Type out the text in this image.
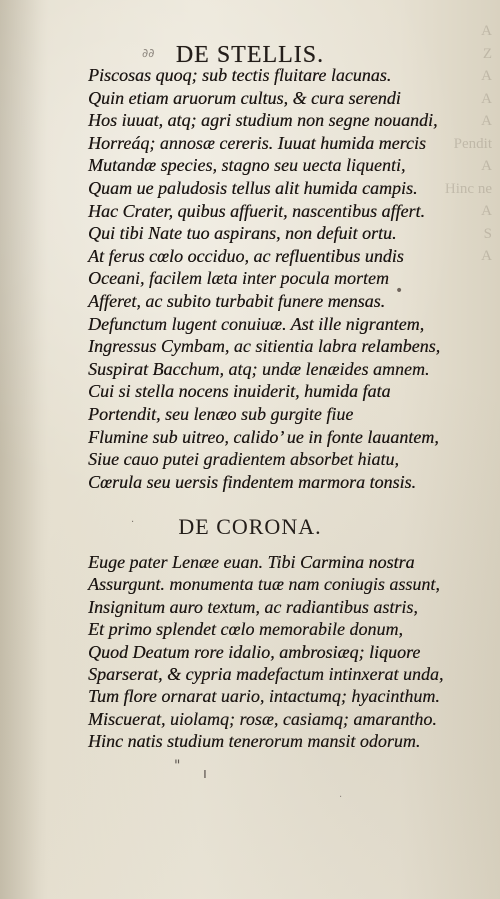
A
Z
A
A
A
Pendit
A
Hinc ne
A
S
A
∂∂ DE STELLIS.
Piscosas quoq; sub tectis fluitare lacunas.
Quin etiam aruorum cultus, & cura serendi
Hos iuuat, atq; agri studium non segne nouandi,
Horreáq; annosæ cereris. Iuuat humida mercis
Mutandæ species, stagno seu uecta liquenti,
Quam ue paludosis tellus alit humida campis.
Hac Crater, quibus affuerit, nascentibus affert.
Qui tibi Nate tuo aspirans, non defuit ortu.
At ferus cœlo occiduo, ac refluentibus undis
Oceani, facilem læta inter pocula mortem
Afferet, ac subito turbabit funere mensas.
Defunctum lugent conuiuæ. Ast ille nigrantem,
Ingressus Cymbam, ac sitientia labra relambens,
Suspirat Bacchum, atq; undæ lenæides amnem.
Cui si stella nocens inuiderit, humida fata
Portendit, seu lenæo sub gurgite fiue
Flumine sub uitreo, calido’ ue in fonte lauantem,
Siue cauo putei gradientem absorbet hiatu,
Cœrula seu uersis findentem marmora tonsis.
•
·	DE CORONA.
Euge pater Lenæe euan. Tibi Carmina nostra
Assurgunt. monumenta tuæ nam coniugis assunt,
Insignitum auro textum, ac radiantibus astris,
Et primo splendet cœlo memorabile donum,
Quod Deatum rore idalio, ambrosiæq; liquore
Sparserat, & cypria madefactum intinxerat unda,
Tum flore ornarat uario, intactumq; hyacinthum.
Miscuerat, uiolamq; rosæ, casiamq; amarantho.
Hinc natis studium tenerorum mansit odorum.
" ı
·
